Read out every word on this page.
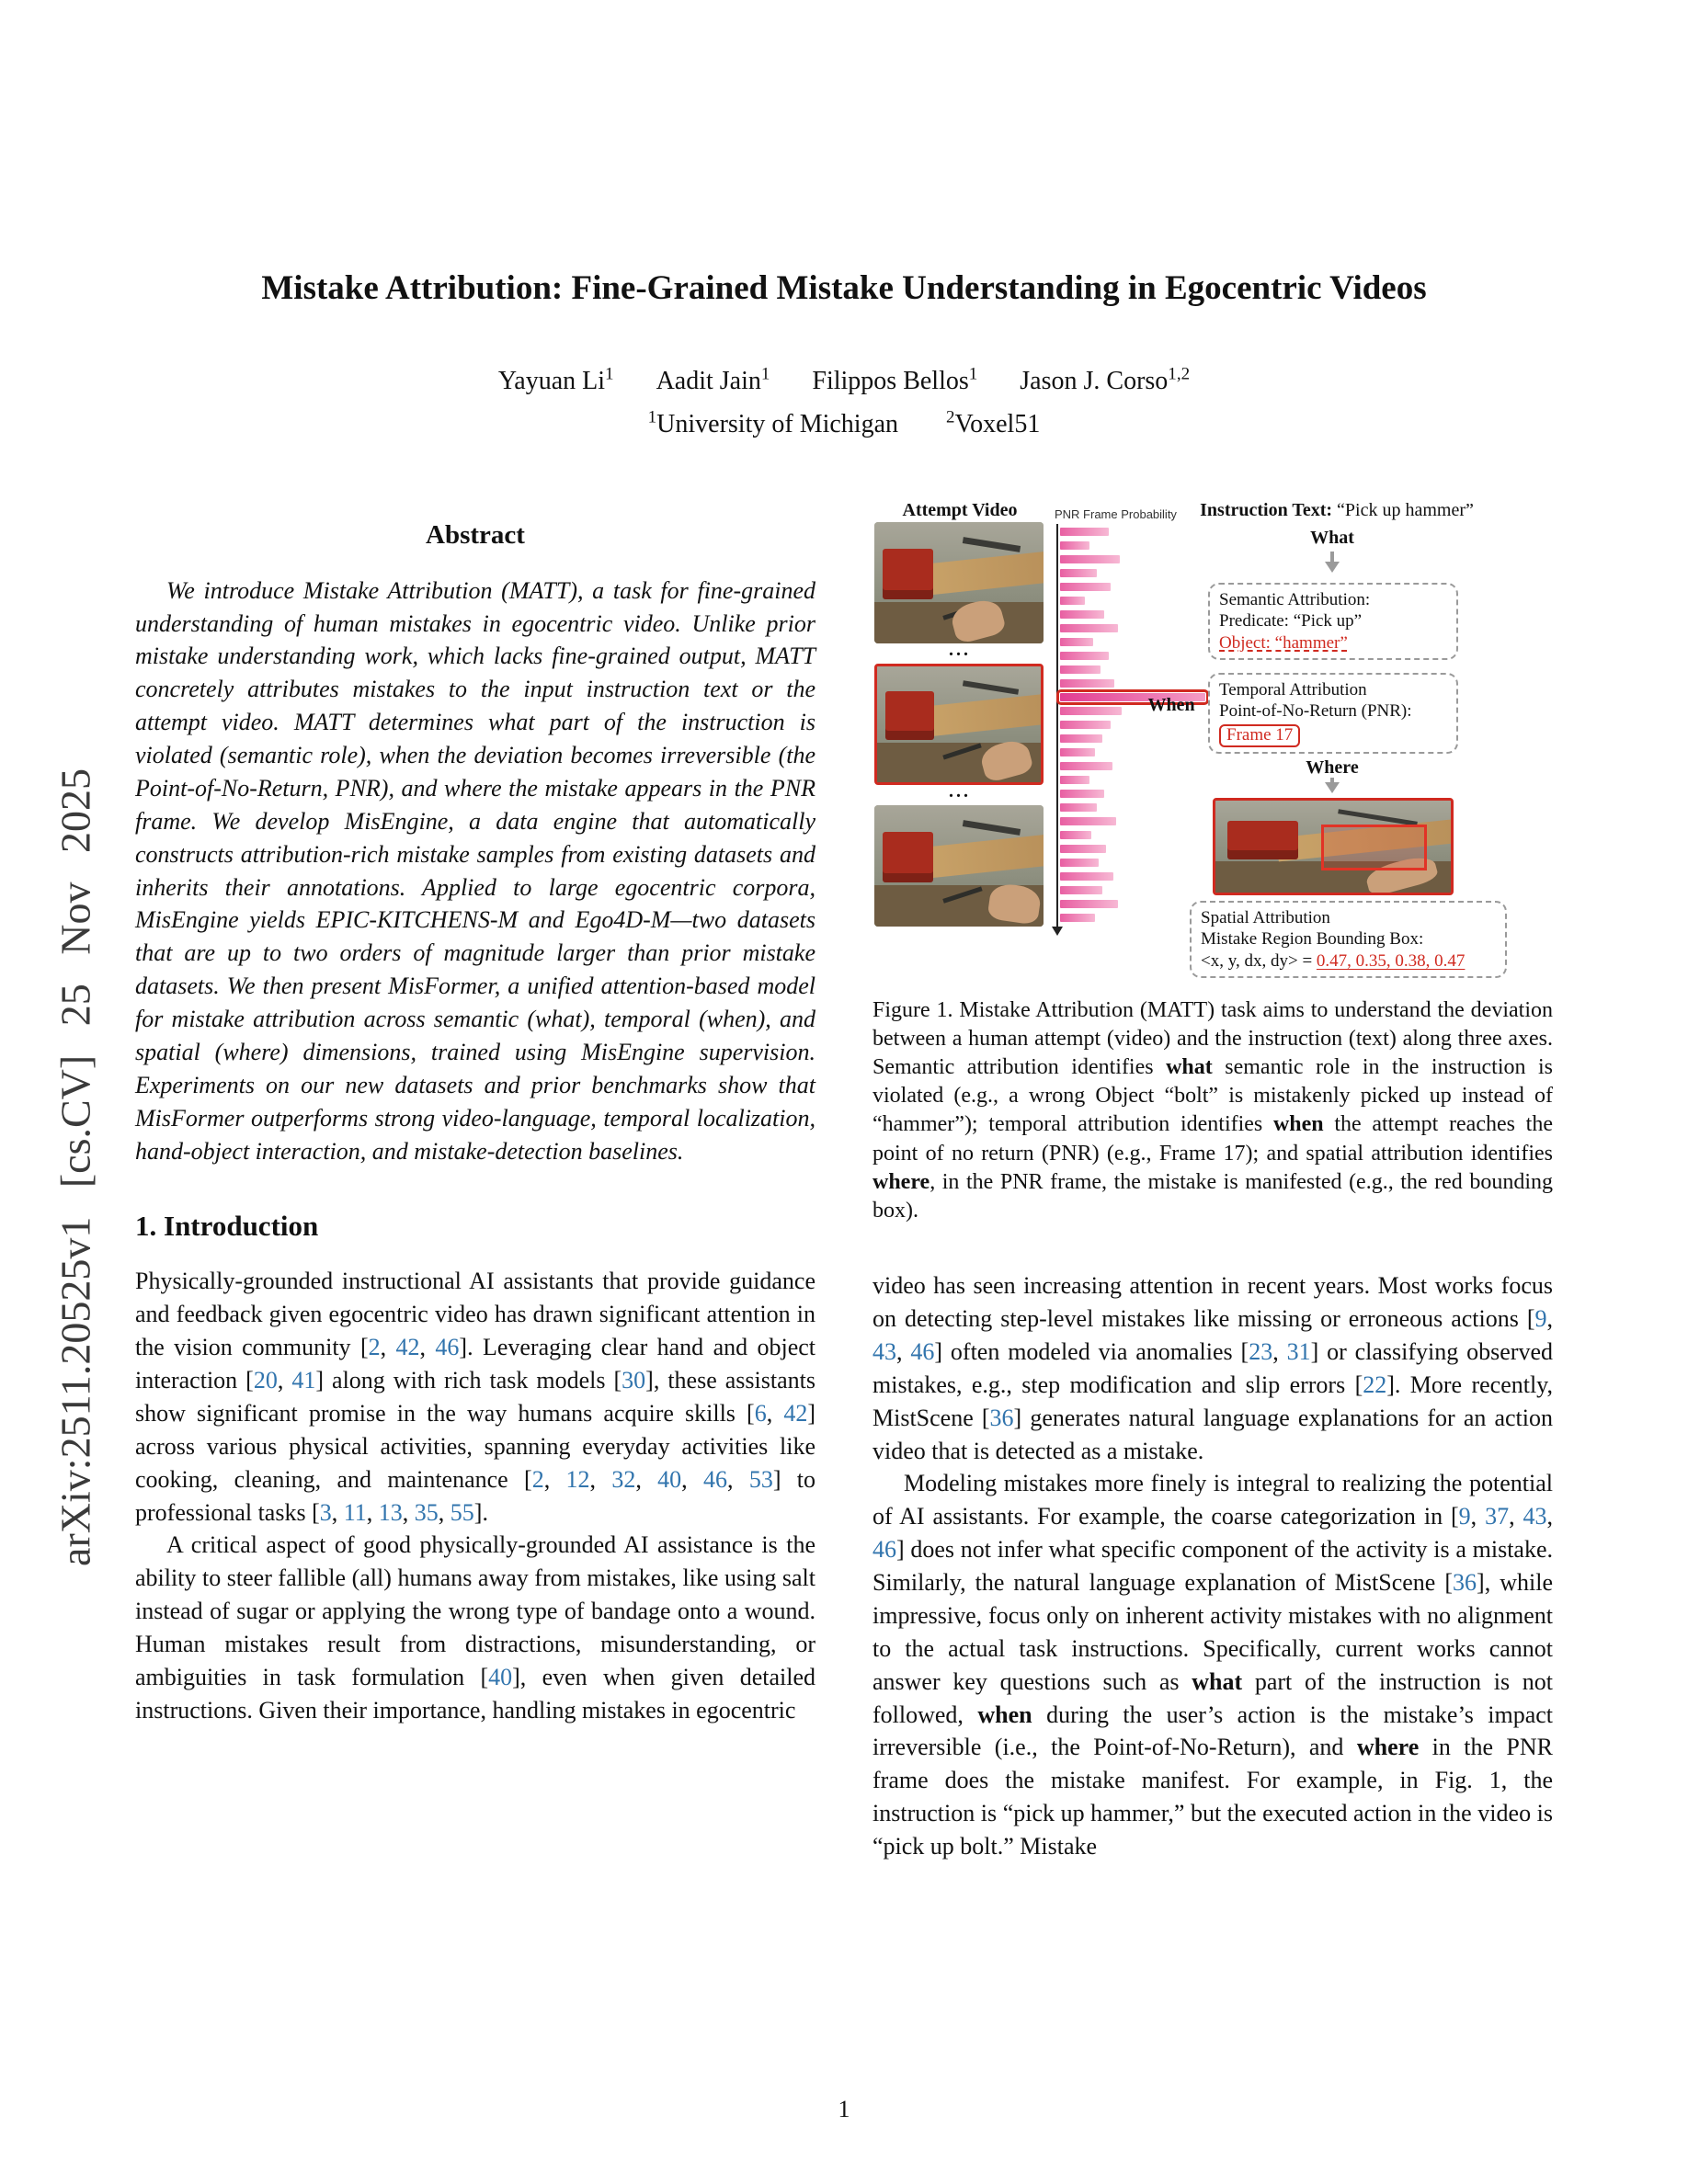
arXiv:2511.20525v1 [cs.CV] 25 Nov 2025
Mistake Attribution: Fine-Grained Mistake Understanding in Egocentric Videos
Yayuan Li$^1$ Aadit Jain$^1$ Filippos Bellos$^1$ Jason J. Corso$^{1,2}$
$^1$University of Michigan	$^2$Voxel51
Abstract

We introduce Mistake Attribution (MATT), a task for fine-grained understanding of human mistakes in egocentric video. Unlike prior mistake understanding work, which lacks fine-grained output, MATT concretely attributes mistakes to the input instruction text or the attempt video. MATT determines what part of the instruction is violated (semantic role), when the deviation becomes irreversible (the Point-of-No-Return, PNR), and where the mistake appears in the PNR frame. We develop MisEngine, a data engine that automatically constructs attribution-rich mistake samples from existing datasets and inherits their annotations. Applied to large egocentric corpora, MisEngine yields EPIC-KITCHENS-M and Ego4D-M—two datasets that are up to two orders of magnitude larger than prior mistake datasets. We then present MisFormer, a unified attention-based model for mistake attribution across semantic (what), temporal (when), and spatial (where) dimensions, trained using MisEngine supervision. Experiments on our new datasets and prior benchmarks show that MisFormer outperforms strong video-language, temporal localization, hand-object interaction, and mistake-detection baselines.

1. Introduction

Physically-grounded instructional AI assistants that provide guidance and feedback given egocentric video has drawn significant attention in the vision community [2, 42, 46]. Leveraging clear hand and object interaction [20, 41] along with rich task models [30], these assistants show significant promise in the way humans acquire skills [6, 42] across various physical activities, spanning everyday activities like cooking, cleaning, and maintenance [2, 12, 32, 40, 46, 53] to professional tasks [3, 11, 13, 35, 55].

A critical aspect of good physically-grounded AI assistance is the ability to steer fallible (all) humans away from mistakes, like using salt instead of sugar or applying the wrong type of bandage onto a wound. Human mistakes result from distractions, misunderstanding, or ambiguities in task formulation [40], even when given detailed instructions. Given their importance, handling mistakes in egocentric

Attempt Video
...
...
PNR Frame Probability	Instruction Text: “Pick up hammer”
What
Semantic Attribution:
Predicate: “Pick up”
Object: “hammer”
When
Temporal Attribution
Point-of-No-Return (PNR):
Frame 17
Where
Spatial Attribution
Mistake Region Bounding Box:
<x, y, dx, dy> = 0.47, 0.35, 0.38, 0.47

Figure 1. Mistake Attribution (MATT) task aims to understand the deviation between a human attempt (video) and the instruction (text) along three axes. Semantic attribution identifies what semantic role in the instruction is violated (e.g., a wrong Object “bolt” is mistakenly picked up instead of “hammer”); temporal attribution identifies when the attempt reaches the point of no return (PNR) (e.g., Frame 17); and spatial attribution identifies where, in the PNR frame, the mistake is manifested (e.g., the red bounding box).

video has seen increasing attention in recent years. Most works focus on detecting step-level mistakes like missing or erroneous actions [9, 43, 46] often modeled via anomalies [23, 31] or classifying observed mistakes, e.g., step modification and slip errors [22]. More recently, MistScene [36] generates natural language explanations for an action video that is detected as a mistake.

Modeling mistakes more finely is integral to realizing the potential of AI assistants. For example, the coarse categorization in [9, 37, 43, 46] does not infer what specific component of the activity is a mistake. Similarly, the natural language explanation of MistScene [36], while impressive, focus only on inherent activity mistakes with no alignment to the actual task instructions. Specifically, current works cannot answer key questions such as what part of the instruction is not followed, when during the user’s action is the mistake’s impact irreversible (i.e., the Point-of-No-Return), and where in the PNR frame does the mistake manifest. For example, in Fig. 1, the instruction is “pick up hammer,” but the executed action in the video is “pick up bolt.” Mistake

1
